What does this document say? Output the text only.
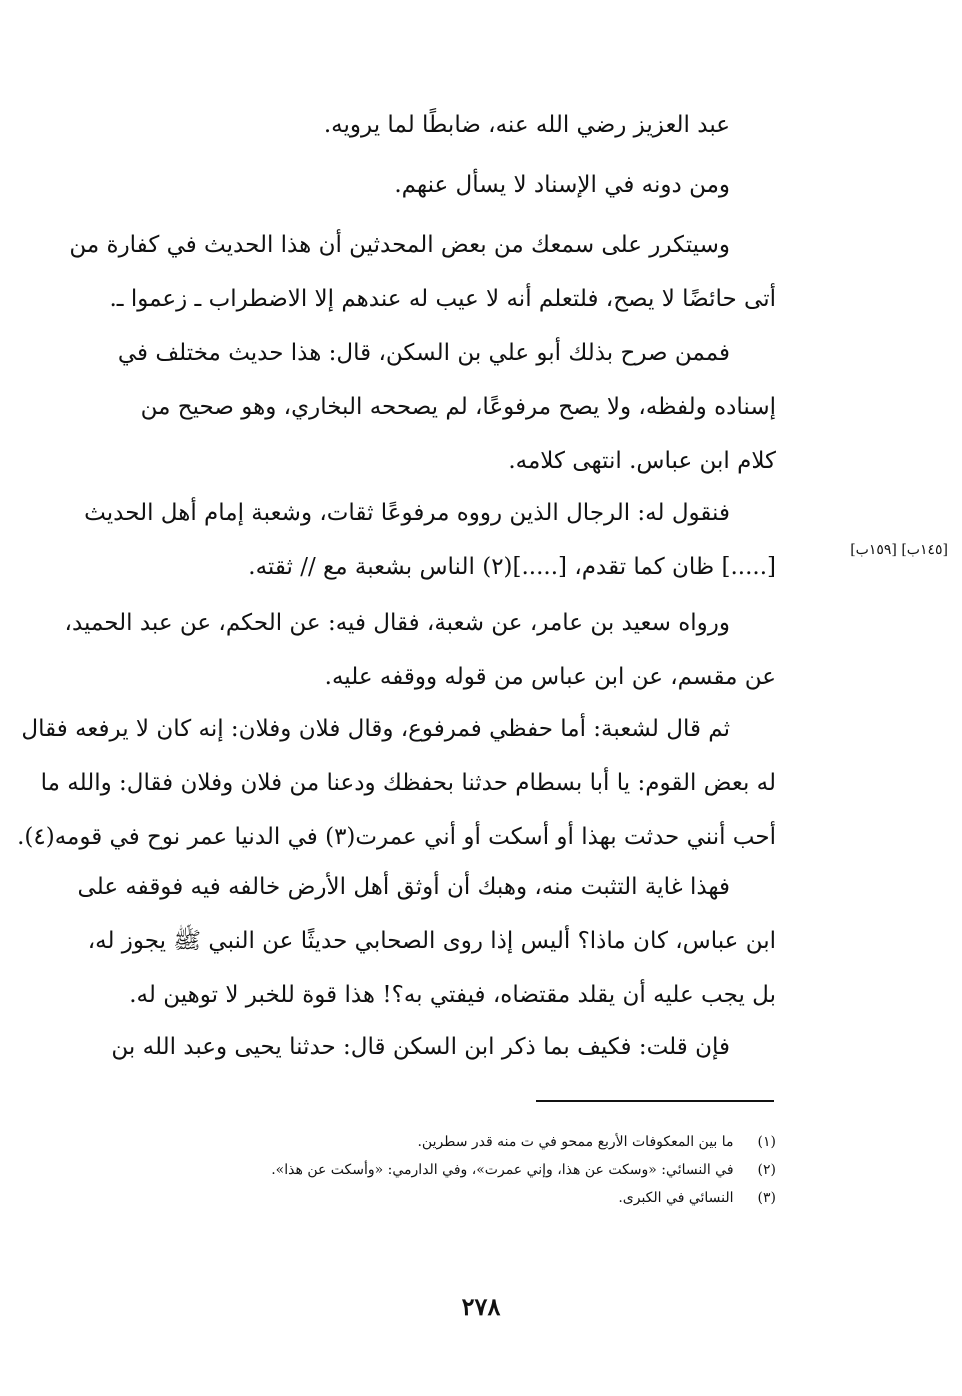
عبد العزيز رضي الله عنه، ضابطًا لما يرويه.
ومن دونه في الإسناد لا يسأل عنهم.
وسيتكرر على سمعك من بعض المحدثين أن هذا الحديث في كفارة من
أتى حائضًا لا يصح، فلتعلم أنه لا عيب له عندهم إلا الاضطراب ـ زعموا ـ.
فممن صرح بذلك أبو علي بن السكن، قال: هذا حديث مختلف في
إسناده ولفظه، ولا يصح مرفوعًا، لم يصححه البخاري، وهو صحيح من
كلام ابن عباس. انتهى كلامه.
فنقول له: الرجال الذين رووه مرفوعًا ثقات، وشعبة إمام أهل الحديث
[.....] ظان كما تقدم، [.....](٢) الناس بشعبة مع // ثقته.
ورواه سعيد بن عامر، عن شعبة، فقال فيه: عن الحكم، عن عبد الحميد،
عن مقسم، عن ابن عباس من قوله ووقفه عليه.
ثم قال لشعبة: أما حفظي فمرفوع، وقال فلان وفلان: إنه كان لا يرفعه فقال
له بعض القوم: يا أبا بسطام حدثنا بحفظك ودعنا من فلان وفلان فقال: والله ما
أحب أنني حدثت بهذا أو أسكت أو أني عمرت(٣) في الدنيا عمر نوح في قومه(٤).
فهذا غاية التثبت منه، وهبك أن أوثق أهل الأرض خالفه فيه فوقفه على
ابن عباس، كان ماذا؟ أليس إذا روى الصحابي حديثًا عن النبي ﷺ يجوز له،
بل يجب عليه أن يقلد مقتضاه، فيفتي به؟! هذا قوة للخبر لا توهين له.
فإن قلت: فكيف بما ذكر ابن السكن قال: حدثنا يحيى وعبد الله بن
[١٤٥ب] [١٥٩ب]
(١) ما بين المعكوفات الأربع ممحو في ت منه قدر سطرين.
(٢) في النسائي: «وسكت عن هذا، وإني عمرت»، وفي الدارمي: «وأسكت عن هذا».
(٣) النسائي في الكبرى.
٢٧٨
